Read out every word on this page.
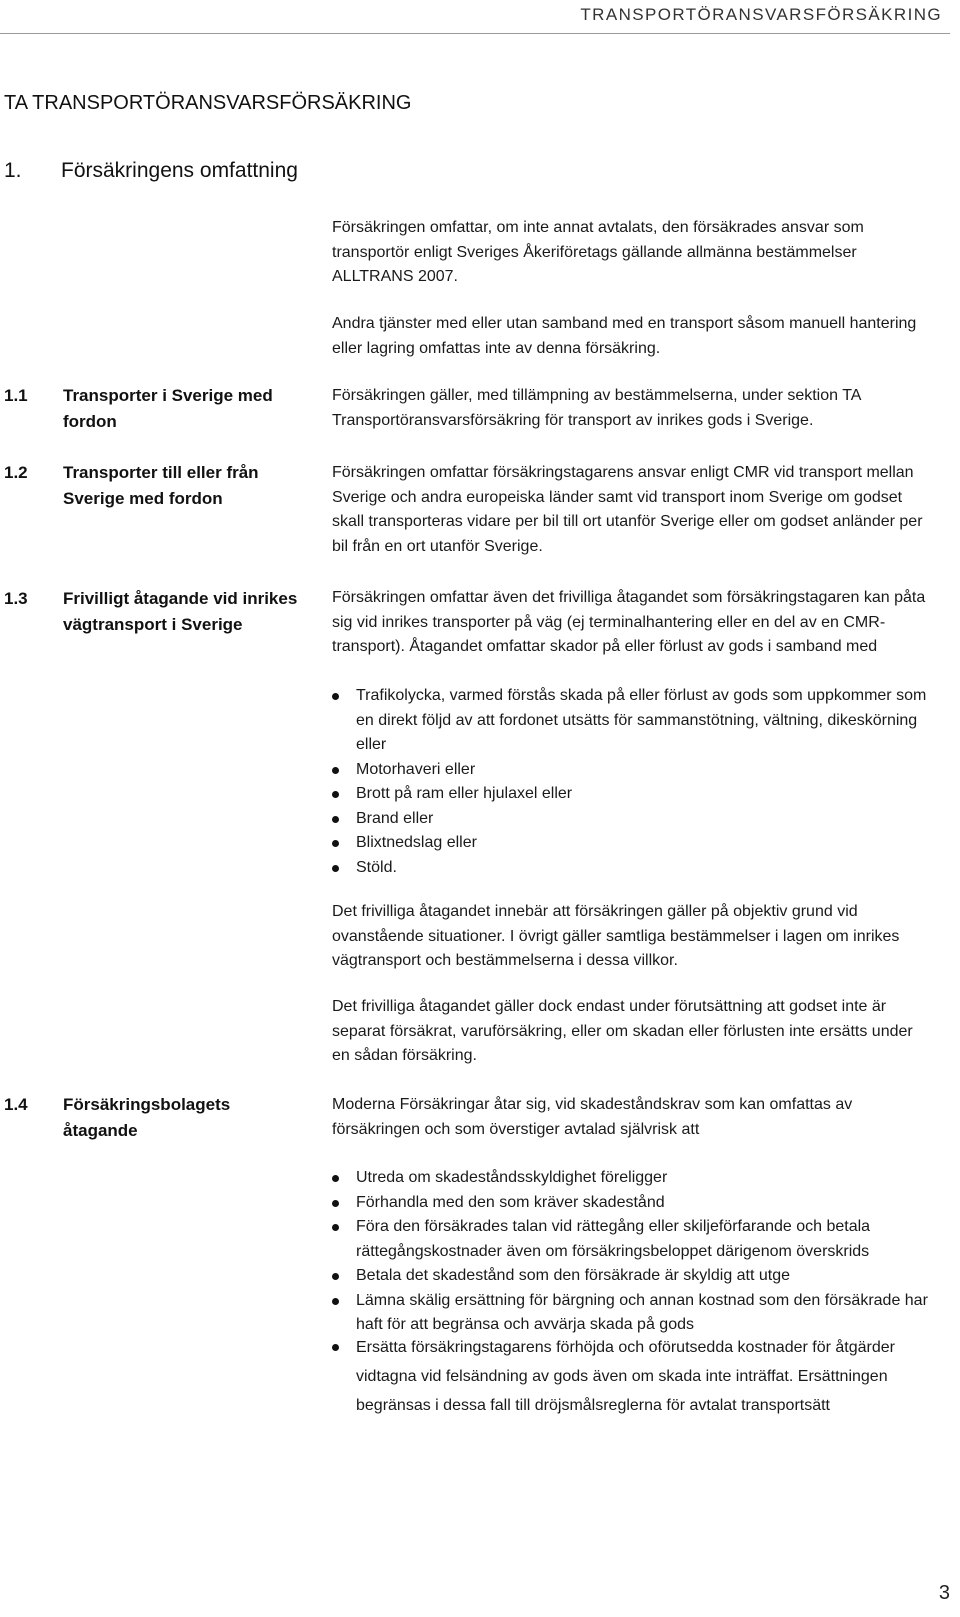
TRANSPORTÖRANSVARSFÖRSÄKRING
TA TRANSPORTÖRANSVARSFÖRSÄKRING
1. Försäkringens omfattning

Försäkringen omfattar, om inte annat avtalats, den försäkrades ansvar som transportör enligt Sveriges Åkeriföretags gällande allmänna bestämmelser ALLTRANS 2007.

Andra tjänster med eller utan samband med en transport såsom manuell hantering eller lagring omfattas inte av denna försäkring.

1.1 Transporter i Sverige med fordon

Försäkringen gäller, med tillämpning av bestämmelserna, under sektion TA Transportöransvarsförsäkring för transport av inrikes gods i Sverige.

1.2 Transporter till eller från Sverige med fordon

Försäkringen omfattar försäkringstagarens ansvar enligt CMR vid transport mellan Sverige och andra europeiska länder samt vid transport inom Sverige om godset skall transporteras vidare per bil till ort utanför Sverige eller om godset anländer per bil från en ort utanför Sverige.

1.3 Frivilligt åtagande vid inrikes vägtransport i Sverige

Försäkringen omfattar även det frivilliga åtagandet som försäkringstagaren kan påta sig vid inrikes transporter på väg (ej terminalhantering eller en del av en CMR-transport). Åtagandet omfattar skador på eller förlust av gods i samband med

Trafikolycka, varmed förstås skada på eller förlust av gods som uppkommer som en direkt följd av att fordonet utsätts för sammanstötning, vältning, dikeskörning eller
Motorhaveri eller
Brott på ram eller hjulaxel eller
Brand eller
Blixtnedslag eller
Stöld.

Det frivilliga åtagandet innebär att försäkringen gäller på objektiv grund vid ovanstående situationer. I övrigt gäller samtliga bestämmelser i lagen om inrikes vägtransport och bestämmelserna i dessa villkor.

Det frivilliga åtagandet gäller dock endast under förutsättning att godset inte är separat försäkrat, varuförsäkring, eller om skadan eller förlusten inte ersätts under en sådan försäkring.

1.4 Försäkringsbolagets åtagande

Moderna Försäkringar åtar sig, vid skadeståndskrav som kan omfattas av försäkringen och som överstiger avtalad självrisk att

Utreda om skadeståndsskyldighet föreligger
Förhandla med den som kräver skadestånd
Föra den försäkrades talan vid rättegång eller skiljeförfarande och betala rättegångskostnader även om försäkringsbeloppet därigenom överskrids
Betala det skadestånd som den försäkrade är skyldig att utge
Lämna skälig ersättning för bärgning och annan kostnad som den försäkrade har haft för att begränsa och avvärja skada på gods
Ersätta försäkringstagarens förhöjda och oförutsedda kostnader för åtgärder vidtagna vid felsändning av gods även om skada inte inträffat. Ersättningen begränsas i dessa fall till dröjsmålsreglerna för avtalat transportsätt
3
